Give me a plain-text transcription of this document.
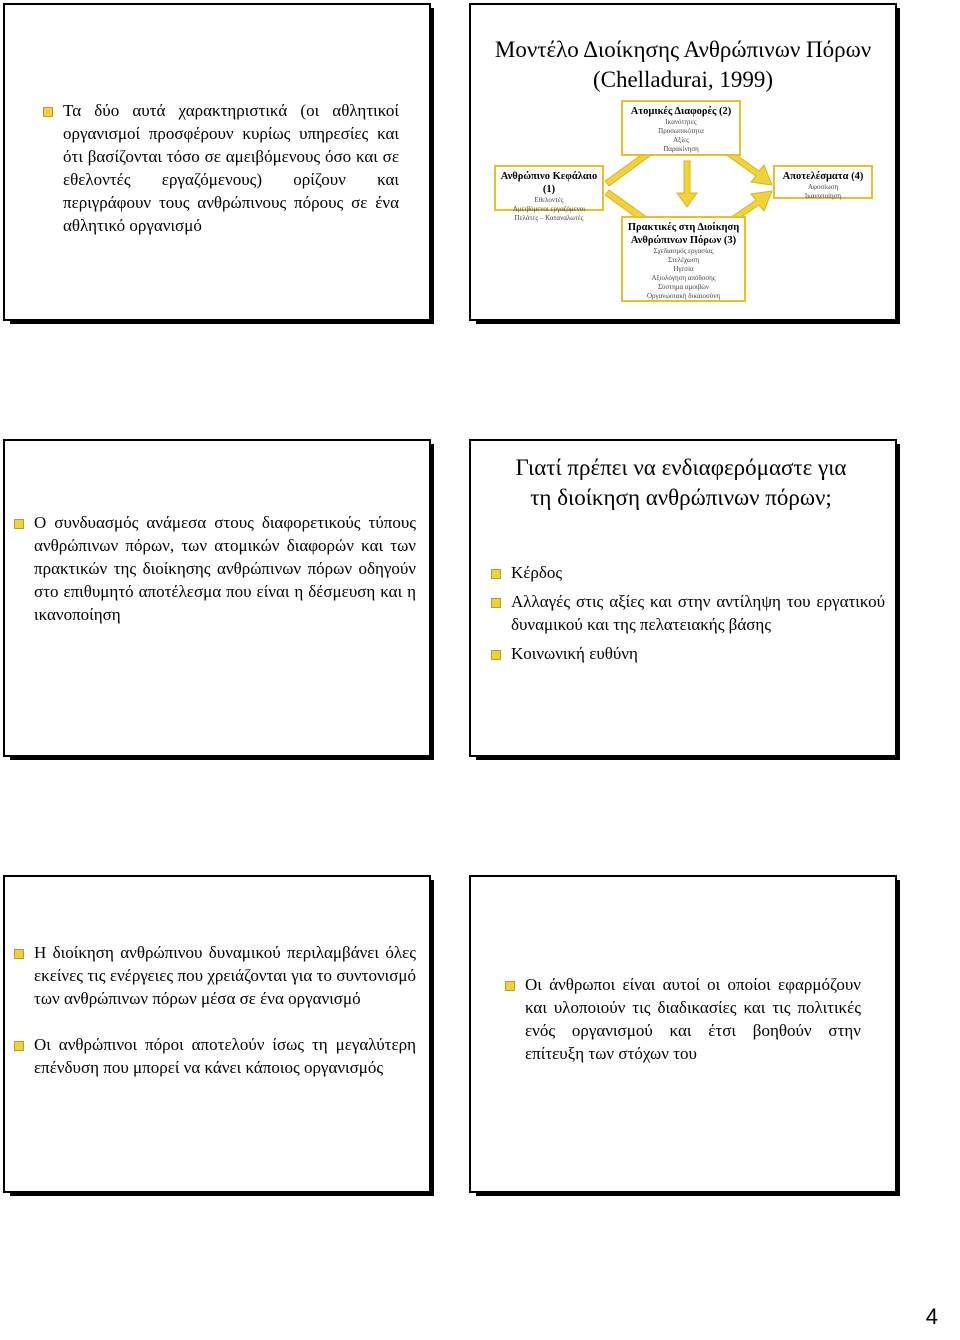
Τα δύο αυτά χαρακτηριστικά (οι αθλητικοί οργανισμοί προσφέρουν κυρίως υπηρεσίες και ότι βασίζονται τόσο σε αμειβόμενους όσο και σε εθελοντές εργαζόμενους) ορίζουν και περιγράφουν τους ανθρώπινους πόρους σε ένα αθλητικό οργανισμό
Μοντέλο Διοίκησης Ανθρώπινων Πόρων
(Chelladurai, 1999)
Ανθρώπινο Κεφάλαιο (1)
Εθελοντές
Αμειβόμενοι εργαζόμενοι
Πελάτες – Καταναλωτές
Ατομικές Διαφορές (2)
Ικανότητες
Προσωπικότητα
Αξίες
Παρακίνηση
Πρακτικές στη Διοίκηση Ανθρώπινων Πόρων (3)
Σχεδιασμός εργασίας
Στελέχωση
Ηγεσία
Αξιολόγηση απόδοσης
Σύστημα αμοιβών
Οργανωσιακή δικαιοσύνη
Αποτελέσματα (4)
Αφοσίωση
Ικανοποίηση
Ο συνδυασμός ανάμεσα στους διαφορετικούς τύπους ανθρώπινων πόρων, των ατομικών διαφορών και των πρακτικών της διοίκησης ανθρώπινων πόρων οδηγούν στο επιθυμητό αποτέλεσμα που είναι η δέσμευση και η ικανοποίηση
Γιατί πρέπει να ενδιαφερόμαστε για τη διοίκηση ανθρώπινων πόρων;
Κέρδος
Αλλαγές στις αξίες και στην αντίληψη του εργατικού δυναμικού και της πελατειακής βάσης
Κοινωνική ευθύνη
Η διοίκηση ανθρώπινου δυναμικού περιλαμβάνει όλες εκείνες τις ενέργειες που χρειάζονται για το συντονισμό των ανθρώπινων πόρων μέσα σε ένα οργανισμό
Οι ανθρώπινοι πόροι αποτελούν ίσως τη μεγαλύτερη επένδυση που μπορεί να κάνει κάποιος οργανισμός
Οι άνθρωποι είναι αυτοί οι οποίοι εφαρμόζουν και υλοποιούν τις διαδικασίες και τις πολιτικές ενός οργανισμού και έτσι βοηθούν στην επίτευξη των στόχων του
4
